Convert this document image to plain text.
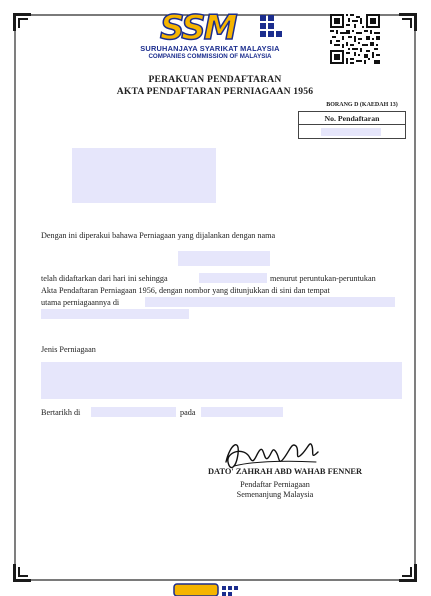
SSM
SURUHANJAYA SYARIKAT MALAYSIA
COMPANIES COMMISSION OF MALAYSIA
PERAKUAN PENDAFTARAN
AKTA PENDAFTARAN PERNIAGAAN 1956
BORANG D (KAEDAH 13)
No. Pendaftaran
Dengan ini diperakui bahawa Perniagaan yang dijalankan dengan nama
telah didaftarkan dari hari ini sehingga	menurut peruntukan-peruntukan
Akta Pendaftaran Perniagaan 1956, dengan nombor yang ditunjukkan di sini dan tempat
utama perniagaannya di
Jenis Perniagaan
Bertarikh di	pada
DATO' ZAHRAH ABD WAHAB FENNER
Pendaftar Perniagaan
Semenanjung Malaysia
